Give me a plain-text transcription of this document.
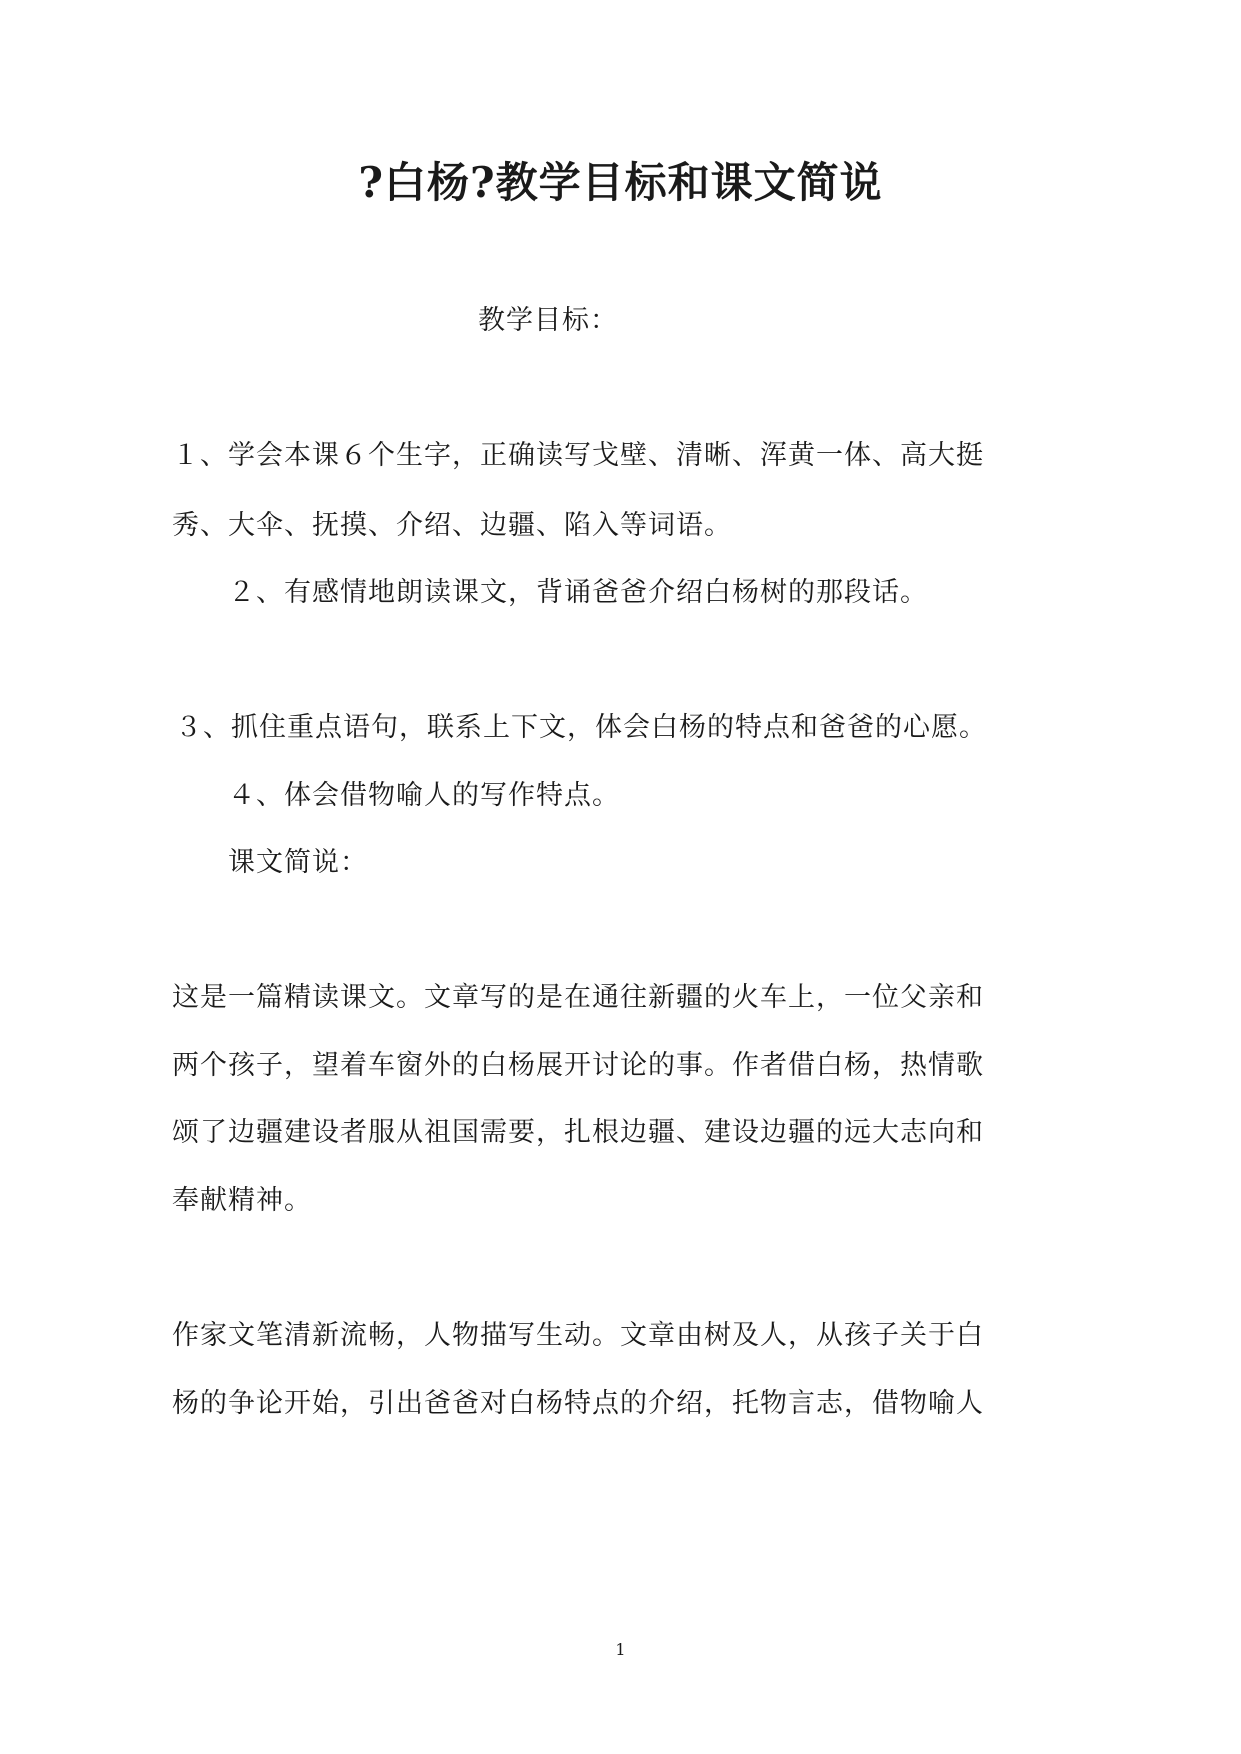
?白杨?教学目标和课文简说
教学目标：
１、学会本课６个生字，正确读写戈壁、清晰、浑黄一体、高大挺
秀、大伞、抚摸、介绍、边疆、陷入等词语。
２、有感情地朗读课文，背诵爸爸介绍白杨树的那段话。
３、抓住重点语句，联系上下文，体会白杨的特点和爸爸的心愿。
４、体会借物喻人的写作特点。
课文简说：
这是一篇精读课文。文章写的是在通往新疆的火车上，一位父亲和
两个孩子，望着车窗外的白杨展开讨论的事。作者借白杨，热情歌
颂了边疆建设者服从祖国需要，扎根边疆、建设边疆的远大志向和
奉献精神。
作家文笔清新流畅，人物描写生动。文章由树及人，从孩子关于白
杨的争论开始，引出爸爸对白杨特点的介绍，托物言志，借物喻人
1
